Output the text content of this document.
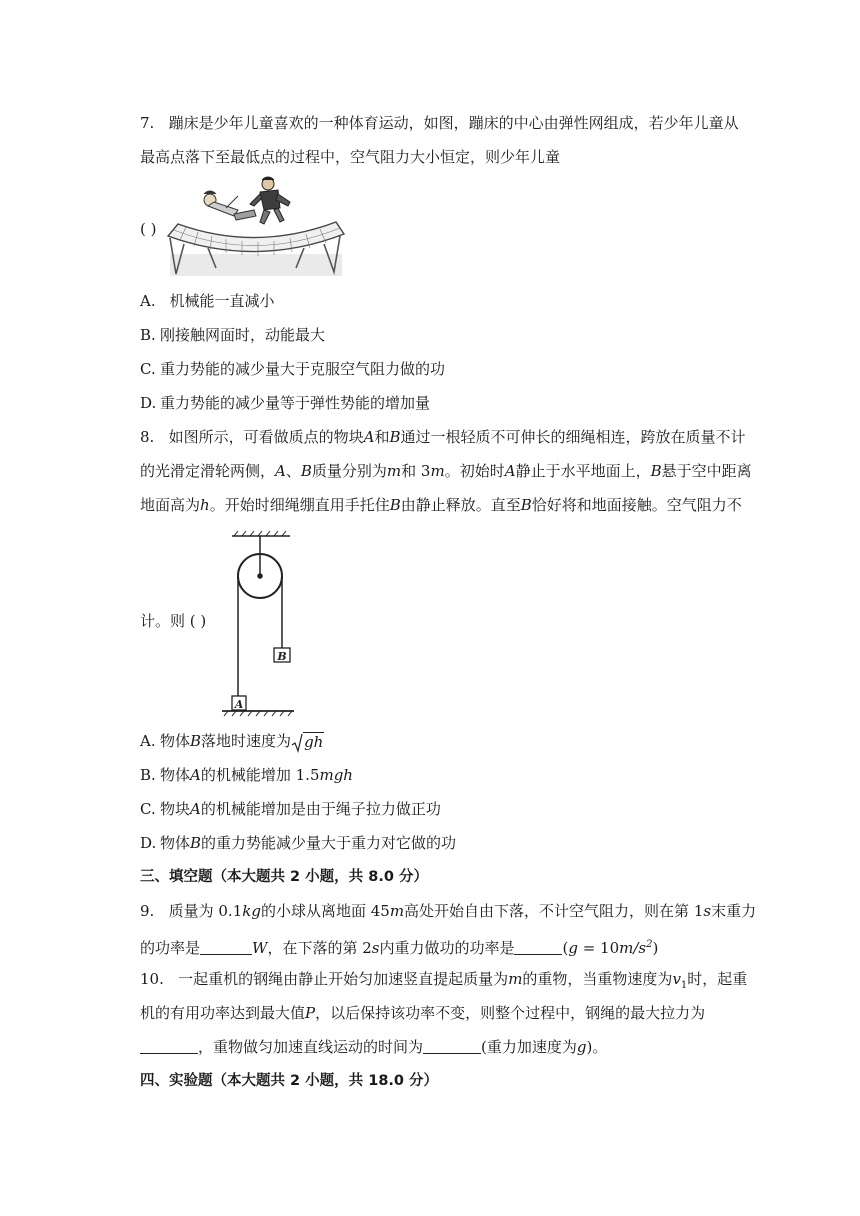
7. 蹦床是少年儿童喜欢的一种体育运动，如图，蹦床的中心由弹性网组成，若少年儿童从
最高点落下至最低点的过程中，空气阻力大小恒定，则少年儿童
( )
A. 机械能一直减小
B. 刚接触网面时，动能最大
C. 重力势能的减少量大于克服空气阻力做的功
D. 重力势能的减少量等于弹性势能的增加量
8. 如图所示，可看做质点的物块A和B通过一根轻质不可伸长的细绳相连，跨放在质量不计
的光滑定滑轮两侧，A、B质量分别为m和 3m。初始时A静止于水平地面上，B悬于空中距离
地面高为h。开始时细绳绷直用手托住B由静止释放。直至B恰好将和地面接触。空气阻力不
B
A
计。则 ( )
A. 物体B落地时速度为 gh
B. 物体A的机械能增加 1.5mgh
C. 物块A的机械能增加是由于绳子拉力做正功
D. 物体B的重力势能减少量大于重力对它做的功
三、填空题（本大题共 2 小题，共 8.0 分）
9. 质量为 0.1kg的小球从离地面 45m高处开始自由下落，不计空气阻力，则在第 1s末重力
的功率是	W，在下落的第 2s内重力做功的功率是	$(g = 10m/s^2)$
10. 一起重机的钢绳由静止开始匀加速竖直提起质量为m的重物，当重物速度为$v_1$时，起重
机的有用功率达到最大值P，以后保持该功率不变，则整个过程中，钢绳的最大拉力为
，重物做匀加速直线运动的时间为	(重力加速度为g)。
四、实验题（本大题共 2 小题，共 18.0 分）
